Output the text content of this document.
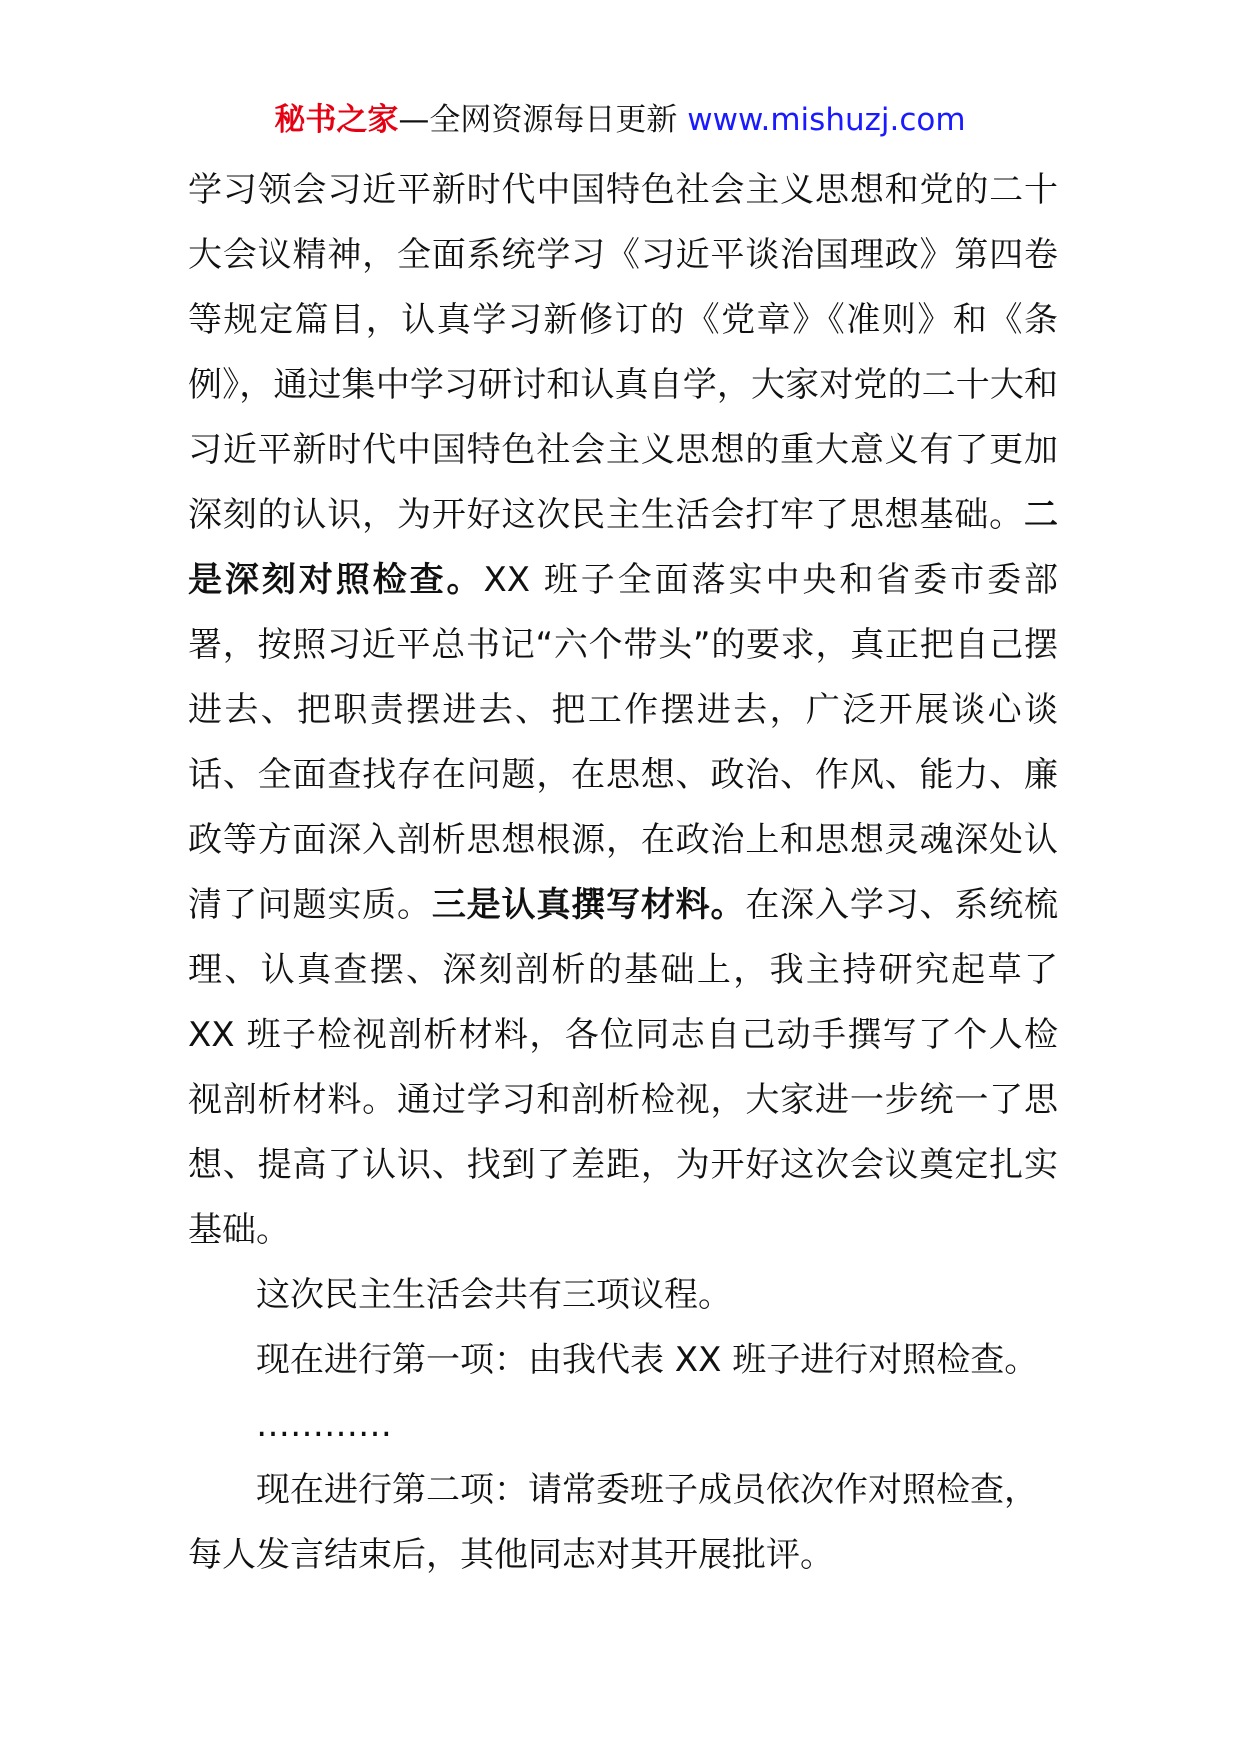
秘书之家—全网资源每日更新 www.mishuzj.com

学习领会习近平新时代中国特色社会主义思想和党的二十大会议精神，全面系统学习《习近平谈治国理政》第四卷等规定篇目，认真学习新修订的《党章》《准则》和《条例》，通过集中学习研讨和认真自学，大家对党的二十大和习近平新时代中国特色社会主义思想的重大意义有了更加深刻的认识，为开好这次民主生活会打牢了思想基础。二是深刻对照检查。XX 班子全面落实中央和省委市委部署，按照习近平总书记“六个带头”的要求，真正把自己摆进去、把职责摆进去、把工作摆进去，广泛开展谈心谈话、全面查找存在问题，在思想、政治、作风、能力、廉政等方面深入剖析思想根源，在政治上和思想灵魂深处认清了问题实质。三是认真撰写材料。在深入学习、系统梳理、认真查摆、深刻剖析的基础上，我主持研究起草了 XX 班子检视剖析材料，各位同志自己动手撰写了个人检视剖析材料。通过学习和剖析检视，大家进一步统一了思想、提高了认识、找到了差距，为开好这次会议奠定扎实基础。

这次民主生活会共有三项议程。

现在进行第一项：由我代表 XX 班子进行对照检查。

…………

现在进行第二项：请常委班子成员依次作对照检查，

每人发言结束后，其他同志对其开展批评。
